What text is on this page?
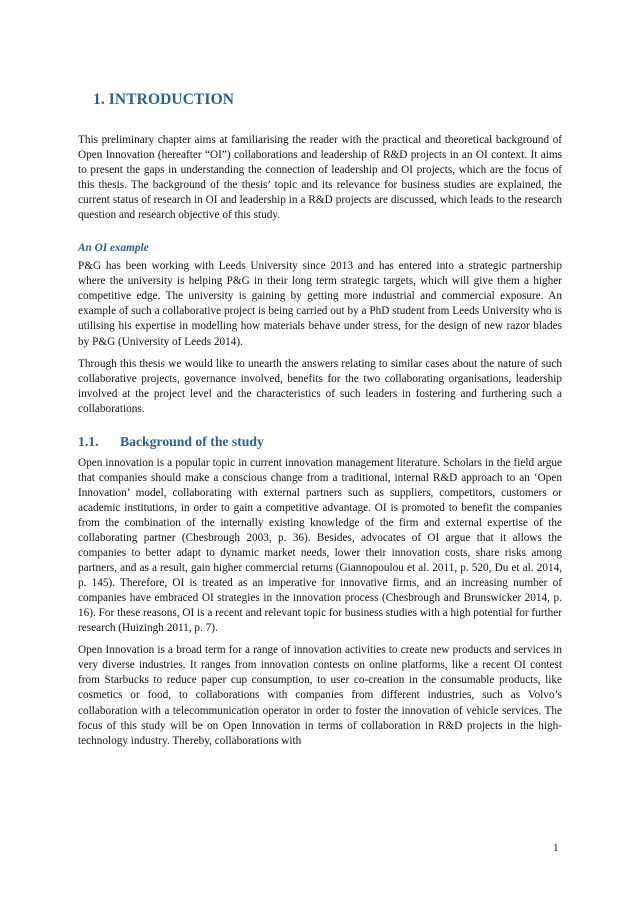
1. INTRODUCTION

This preliminary chapter aims at familiarising the reader with the practical and theoretical background of Open Innovation (hereafter “OI”) collaborations and leadership of R&D projects in an OI context. It aims to present the gaps in understanding the connection of leadership and OI projects, which are the focus of this thesis. The background of the thesis’ topic and its relevance for business studies are explained, the current status of research in OI and leadership in a R&D projects are discussed, which leads to the research question and research objective of this study.

An OI example

P&G has been working with Leeds University since 2013 and has entered into a strategic partnership where the university is helping P&G in their long term strategic targets, which will give them a higher competitive edge. The university is gaining by getting more industrial and commercial exposure. An example of such a collaborative project is being carried out by a PhD student from Leeds University who is utilising his expertise in modelling how materials behave under stress, for the design of new razor blades by P&G (University of Leeds 2014).

Through this thesis we would like to unearth the answers relating to similar cases about the nature of such collaborative projects, governance involved, benefits for the two collaborating organisations, leadership involved at the project level and the characteristics of such leaders in fostering and furthering such a collaborations.

1.1. Background of the study

Open innovation is a popular topic in current innovation management literature. Scholars in the field argue that companies should make a conscious change from a traditional, internal R&D approach to an ‘Open Innovation’ model, collaborating with external partners such as suppliers, competitors, customers or academic institutions, in order to gain a competitive advantage. OI is promoted to benefit the companies from the combination of the internally existing knowledge of the firm and external expertise of the collaborating partner (Chesbrough 2003, p. 36). Besides, advocates of OI argue that it allows the companies to better adapt to dynamic market needs, lower their innovation costs, share risks among partners, and as a result, gain higher commercial returns (Giannopoulou et al. 2011, p. 520, Du et al. 2014, p. 145). Therefore, OI is treated as an imperative for innovative firms, and an increasing number of companies have embraced OI strategies in the innovation process (Chesbrough and Brunswicker 2014, p. 16). For these reasons, OI is a recent and relevant topic for business studies with a high potential for further research (Huizingh 2011, p. 7).

Open Innovation is a broad term for a range of innovation activities to create new products and services in very diverse industries. It ranges from innovation contests on online platforms, like a recent OI contest from Starbucks to reduce paper cup consumption, to user co-creation in the consumable products, like cosmetics or food, to collaborations with companies from different industries, such as Volvo’s collaboration with a telecommunication operator in order to foster the innovation of vehicle services. The focus of this study will be on Open Innovation in terms of collaboration in R&D projects in the high-technology industry. Thereby, collaborations with

1
